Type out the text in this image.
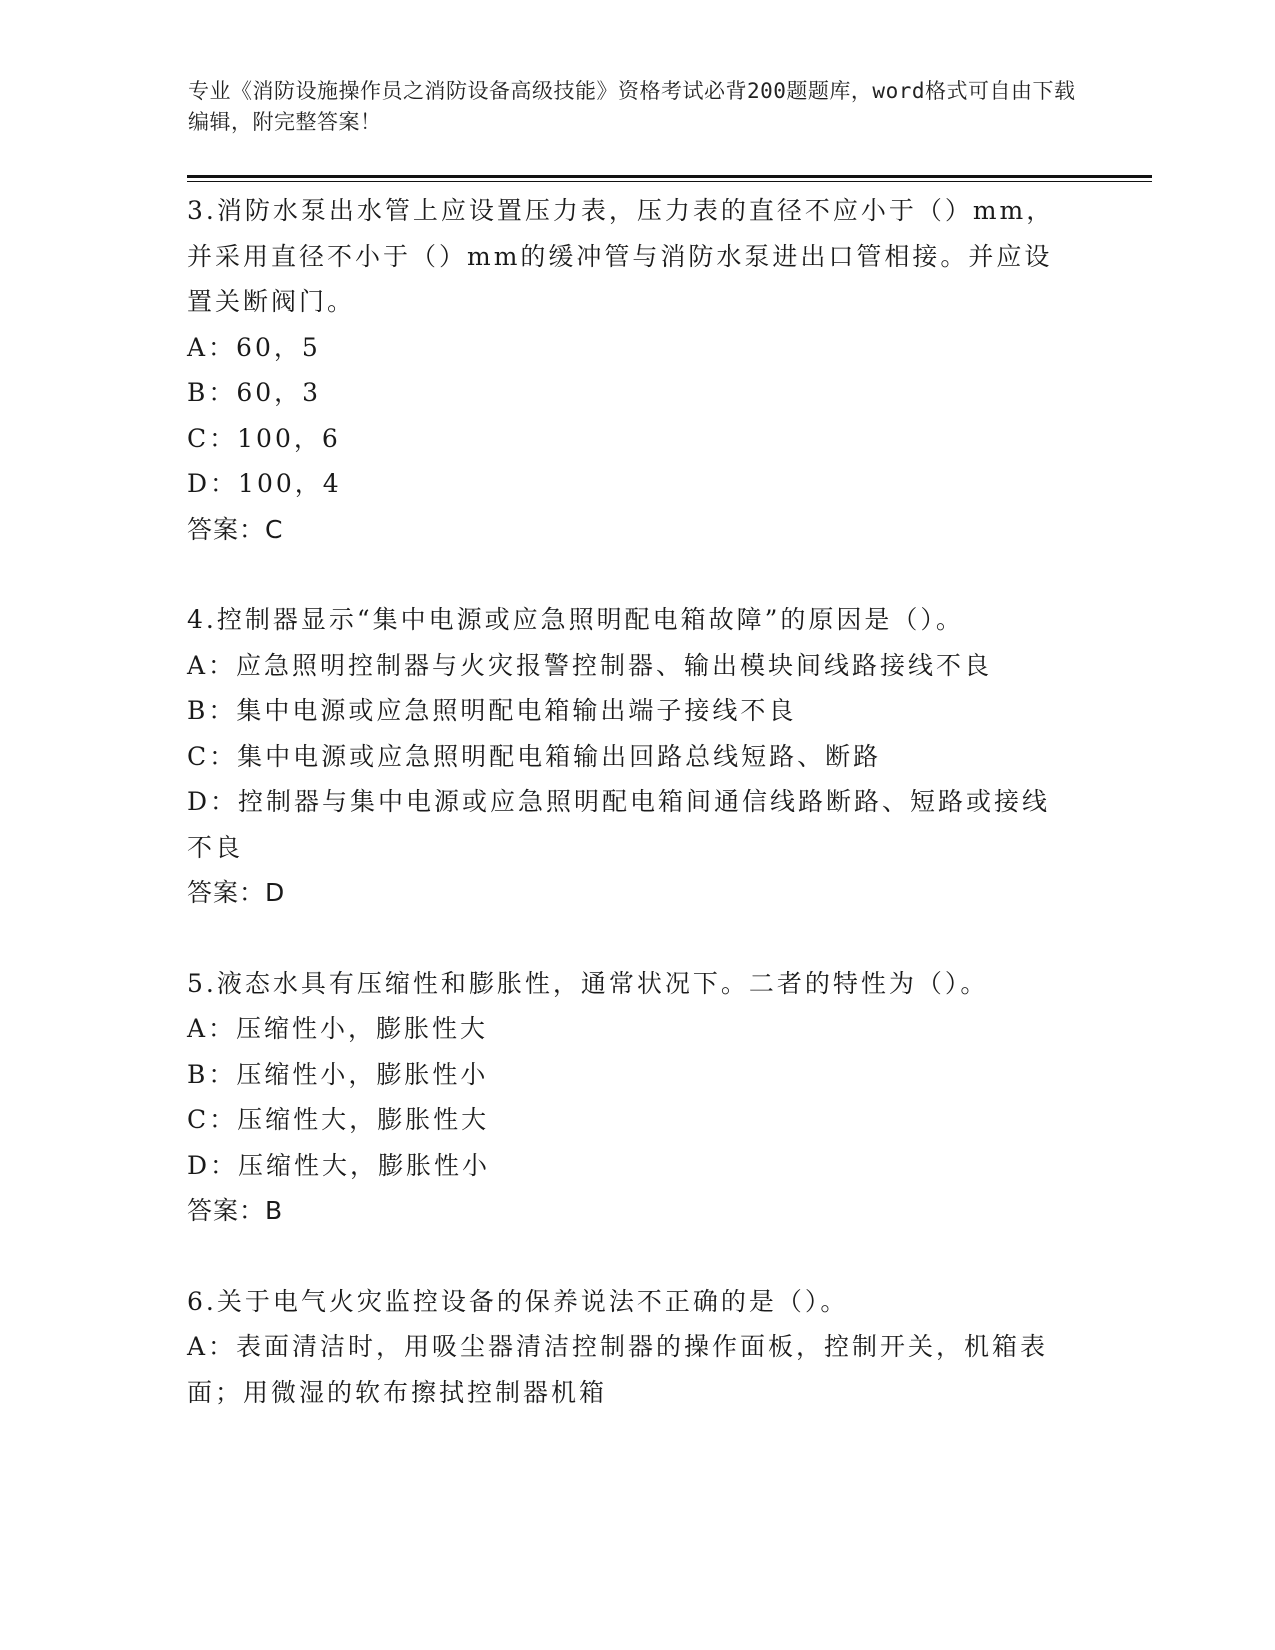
专业《消防设施操作员之消防设备高级技能》资格考试必背200题题库，word格式可自由下载编辑，附完整答案！

3.消防水泵出水管上应设置压力表，压力表的直径不应小于（）mm，并采用直径不小于（）mm的缓冲管与消防水泵进出口管相接。并应设置关断阀门。

A：60，5

B：60，3

C：100，6

D：100，4

答案：C

4.控制器显示“集中电源或应急照明配电箱故障”的原因是（）。

A：应急照明控制器与火灾报警控制器、输出模块间线路接线不良

B：集中电源或应急照明配电箱输出端子接线不良

C：集中电源或应急照明配电箱输出回路总线短路、断路

D：控制器与集中电源或应急照明配电箱间通信线路断路、短路或接线不良

答案：D

5.液态水具有压缩性和膨胀性，通常状况下。二者的特性为（）。

A：压缩性小，膨胀性大

B：压缩性小，膨胀性小

C：压缩性大，膨胀性大

D：压缩性大，膨胀性小

答案：B

6.关于电气火灾监控设备的保养说法不正确的是（）。

A：表面清洁时，用吸尘器清洁控制器的操作面板，控制开关，机箱表面；用微湿的软布擦拭控制器机箱
